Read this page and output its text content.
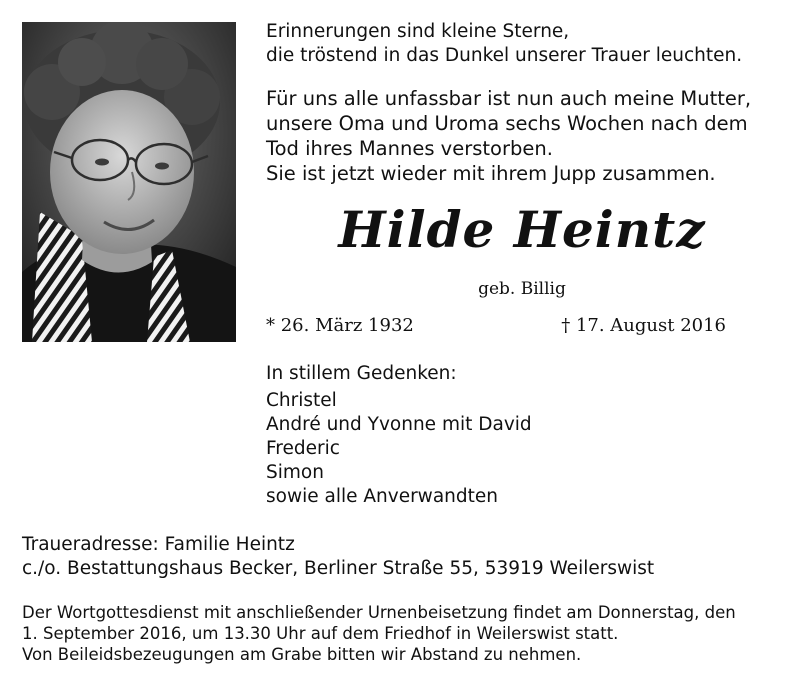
Erinnerungen sind kleine Sterne,
die tröstend in das Dunkel unserer Trauer leuchten.

Für uns alle unfassbar ist nun auch meine Mutter,
unsere Oma und Uroma sechs Wochen nach dem
Tod ihres Mannes verstorben.
Sie ist jetzt wieder mit ihrem Jupp zusammen.

Hilde Heintz

geb. Billig

* 26. März 1932	† 17. August 2016

In stillem Gedenken:

Christel
André und Yvonne mit David
Frederic
Simon
sowie alle Anverwandten

Traueradresse: Familie Heintz
c./o. Bestattungshaus Becker, Berliner Straße 55, 53919 Weilerswist

Der Wortgottesdienst mit anschließender Urnenbeisetzung findet am Donnerstag, den
1. September 2016, um 13.30 Uhr auf dem Friedhof in Weilerswist statt.
Von Beileidsbezeugungen am Grabe bitten wir Abstand zu nehmen.
